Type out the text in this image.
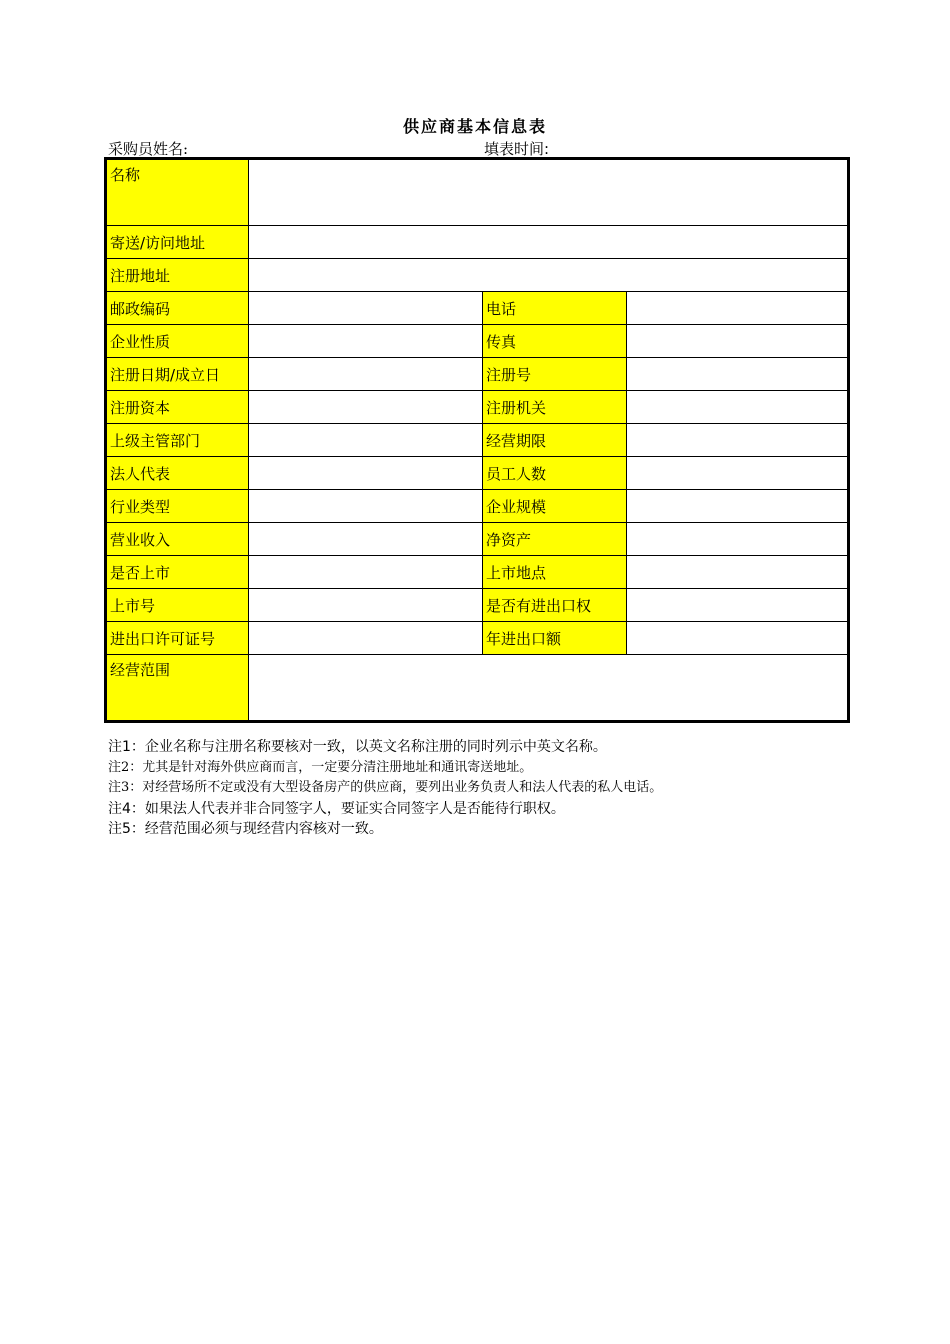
供应商基本信息表
采购员姓名:	填表时间:
名称			
寄送/访问地址			
注册地址			
邮政编码		电话	
企业性质		传真	
注册日期/成立日		注册号	
注册资本		注册机关	
上级主管部门		经营期限	
法人代表		员工人数	
行业类型		企业规模	
营业收入		净资产	
是否上市		上市地点	
上市号		是否有进出口权	
进出口许可证号		年进出口额	
经营范围			
注1：企业名称与注册名称要核对一致，以英文名称注册的同时列示中英文名称。
注2：尤其是针对海外供应商而言，一定要分清注册地址和通讯寄送地址。
注3：对经营场所不定或没有大型设备房产的供应商，要列出业务负责人和法人代表的私人电话。
注4：如果法人代表并非合同签字人，要证实合同签字人是否能待行职权。
注5：经营范围必须与现经营内容核对一致。
